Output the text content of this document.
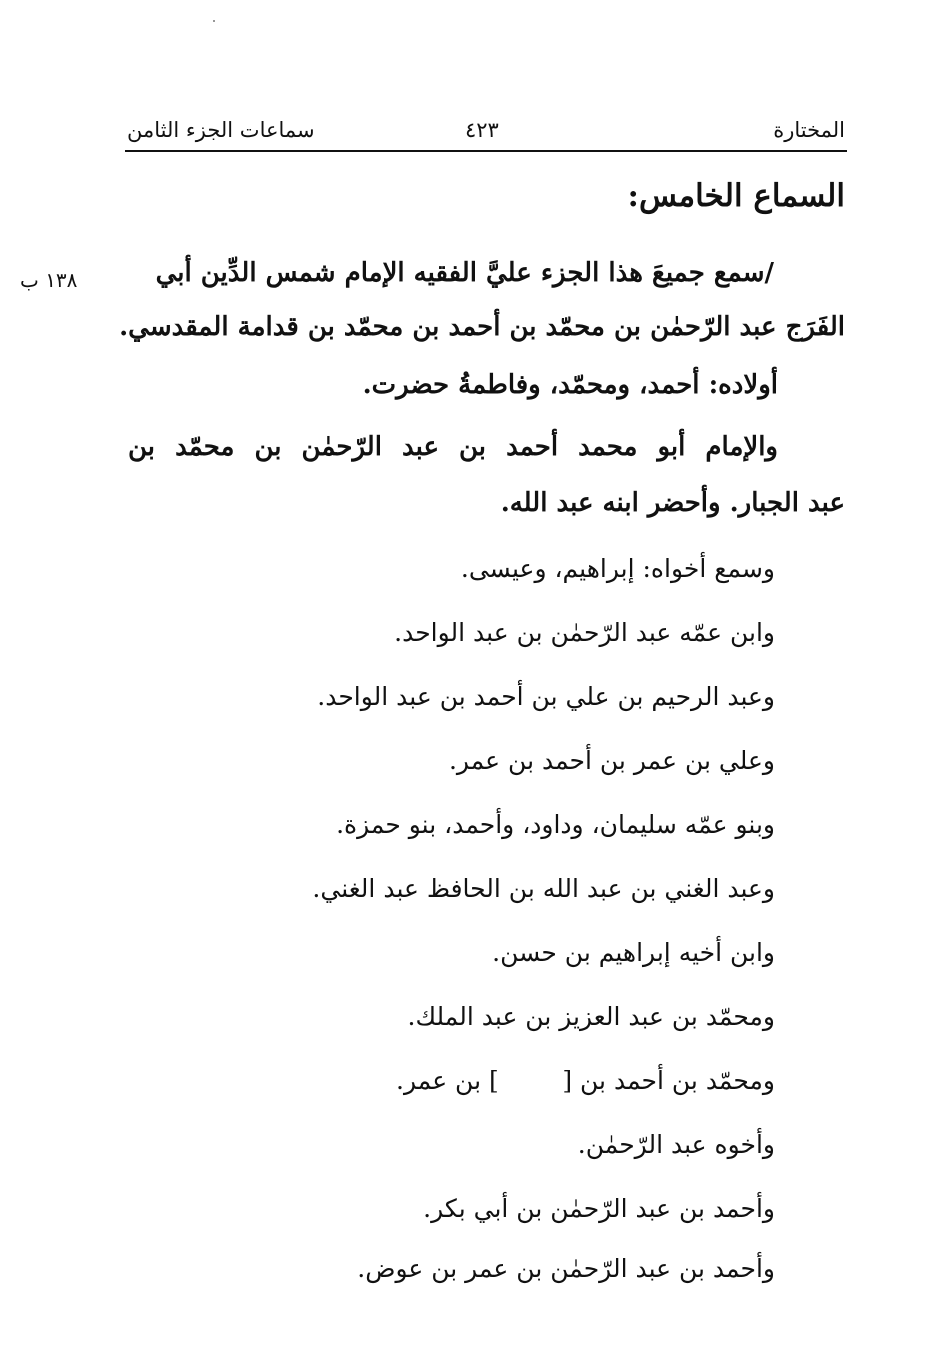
المختارة
٤٢٣
سماعات الجزء الثامن
السماع الخامس:
١٣٨ ب	/سمع جميعَ هذا الجزء عليَّ الفقيه الإمام شمس الدِّين أبي
الفَرَج عبد الرّحمٰن بن محمّد بن أحمد بن محمّد بن قدامة المقدسي.
أولاده: أحمد، ومحمّد، وفاطمةُ حضرت.
والإمام أبو محمد أحمد بن عبد الرّحمٰن بن محمّد بن
عبد الجبار. وأحضر ابنه عبد الله.
وسمع أخواه: إبراهيم، وعيسى.
وابن عمّه عبد الرّحمٰن بن عبد الواحد.
وعبد الرحيم بن علي بن أحمد بن عبد الواحد.
وعلي بن عمر بن أحمد بن عمر.
وبنو عمّه سليمان، وداود، وأحمد، بنو حمزة.
وعبد الغني بن عبد الله بن الحافظ عبد الغني.
وابن أخيه إبراهيم بن حسن.
ومحمّد بن عبد العزيز بن عبد الملك.
ومحمّد بن أحمد بن [        ] بن عمر.
وأخوه عبد الرّحمٰن.
وأحمد بن عبد الرّحمٰن بن أبي بكر.
وأحمد بن عبد الرّحمٰن بن عمر بن عوض.
